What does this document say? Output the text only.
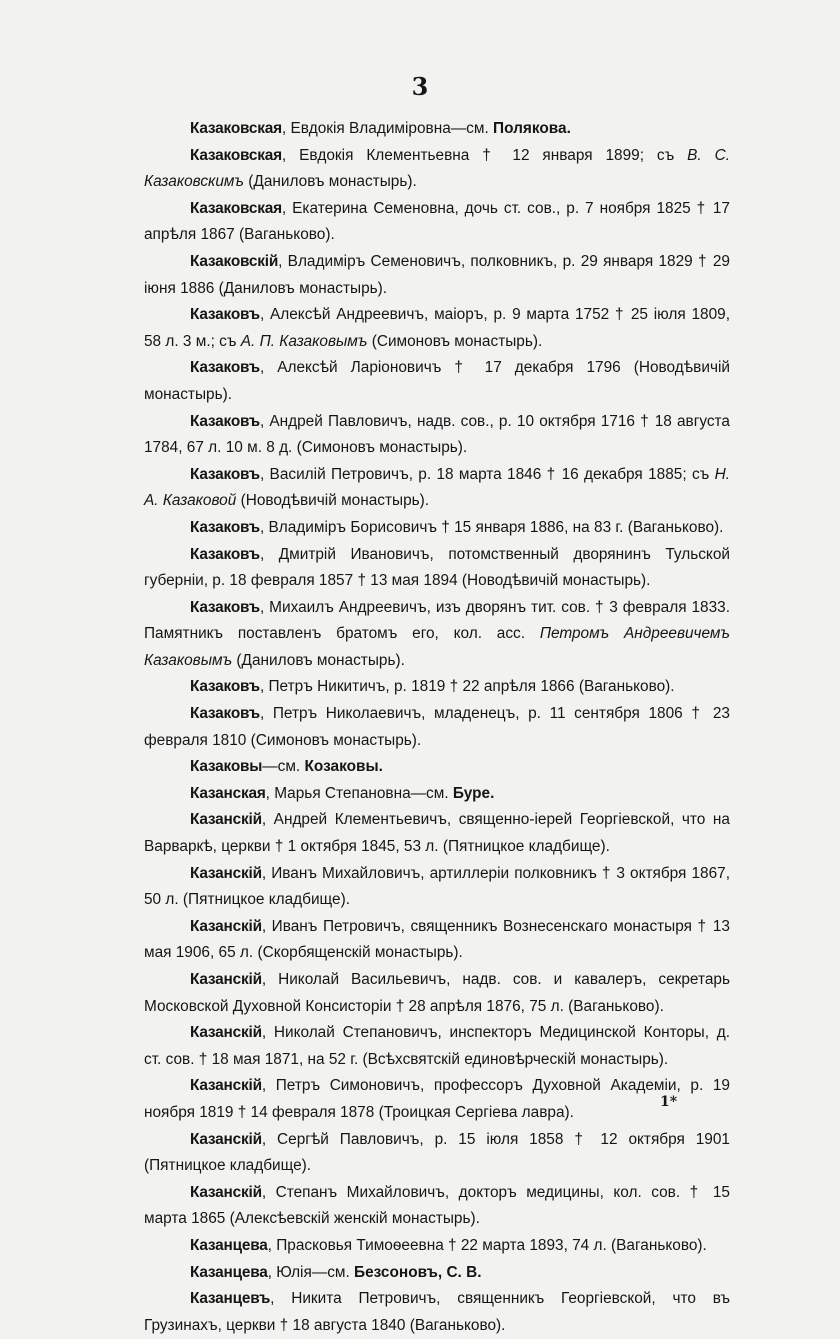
3

Казаковская, Евдокія Владиміровна—см. Полякова.

Казаковская, Евдокія Клементьевна † 12 января 1899; съ В. С. Казаковскимъ (Даниловъ монастырь).

Казаковская, Екатерина Семеновна, дочь ст. сов., р. 7 ноября 1825 † 17 апрѣля 1867 (Ваганьково).

Казаковскій, Владиміръ Семеновичъ, полковникъ, р. 29 января 1829 † 29 іюня 1886 (Даниловъ монастырь).

Казаковъ, Алексѣй Андреевичъ, маіоръ, р. 9 марта 1752 † 25 іюля 1809, 58 л. 3 м.; съ А. П. Казаковымъ (Симоновъ монастырь).

Казаковъ, Алексѣй Ларіоновичъ † 17 декабря 1796 (Новодѣвичій монастырь).

Казаковъ, Андрей Павловичъ, надв. сов., р. 10 октября 1716 † 18 августа 1784, 67 л. 10 м. 8 д. (Симоновъ монастырь).

Казаковъ, Василій Петровичъ, р. 18 марта 1846 † 16 декабря 1885; съ Н. А. Казаковой (Новодѣвичій монастырь).

Казаковъ, Владиміръ Борисовичъ † 15 января 1886, на 83 г. (Ваганьково).

Казаковъ, Дмитрій Ивановичъ, потомственный дворянинъ Тульской губерніи, р. 18 февраля 1857 † 13 мая 1894 (Новодѣвичій монастырь).

Казаковъ, Михаилъ Андреевичъ, изъ дворянъ тит. сов. † 3 февраля 1833. Памятникъ поставленъ братомъ его, кол. асс. Петромъ Андреевичемъ Казаковымъ (Даниловъ монастырь).

Казаковъ, Петръ Никитичъ, р. 1819 † 22 апрѣля 1866 (Ваганьково).

Казаковъ, Петръ Николаевичъ, младенецъ, р. 11 сентября 1806 † 23 февраля 1810 (Симоновъ монастырь).

Казаковы—см. Козаковы.

Казанская, Марья Степановна—см. Буре.

Казанскій, Андрей Клементьевичъ, священно-іерей Георгіевской, что на Варваркѣ, церкви † 1 октября 1845, 53 л. (Пятницкое кладбище).

Казанскій, Иванъ Михайловичъ, артиллеріи полковникъ † 3 октября 1867, 50 л. (Пятницкое кладбище).

Казанскій, Иванъ Петровичъ, священникъ Вознесенскаго монастыря † 13 мая 1906, 65 л. (Скорбященскій монастырь).

Казанскій, Николай Васильевичъ, надв. сов. и кавалеръ, секретарь Московской Духовной Консисторіи † 28 апрѣля 1876, 75 л. (Ваганьково).

Казанскій, Николай Степановичъ, инспекторъ Медицинской Конторы, д. ст. сов. † 18 мая 1871, на 52 г. (Всѣхсвятскій единовѣрческій монастырь).

Казанскій, Петръ Симоновичъ, профессоръ Духовной Академіи, р. 19 ноября 1819 † 14 февраля 1878 (Троицкая Сергіева лавра).

Казанскій, Сергѣй Павловичъ, р. 15 іюля 1858 † 12 октября 1901 (Пятницкое кладбище).

Казанскій, Степанъ Михайловичъ, докторъ медицины, кол. сов. † 15 марта 1865 (Алексѣевскій женскій монастырь).

Казанцева, Прасковья Тимоѳеевна † 22 марта 1893, 74 л. (Ваганьково).

Казанцева, Юлія—см. Безсоновъ, С. В.

Казанцевъ, Никита Петровичъ, священникъ Георгіевской, что въ Грузинахъ, церкви † 18 августа 1840 (Ваганьково).

1*
